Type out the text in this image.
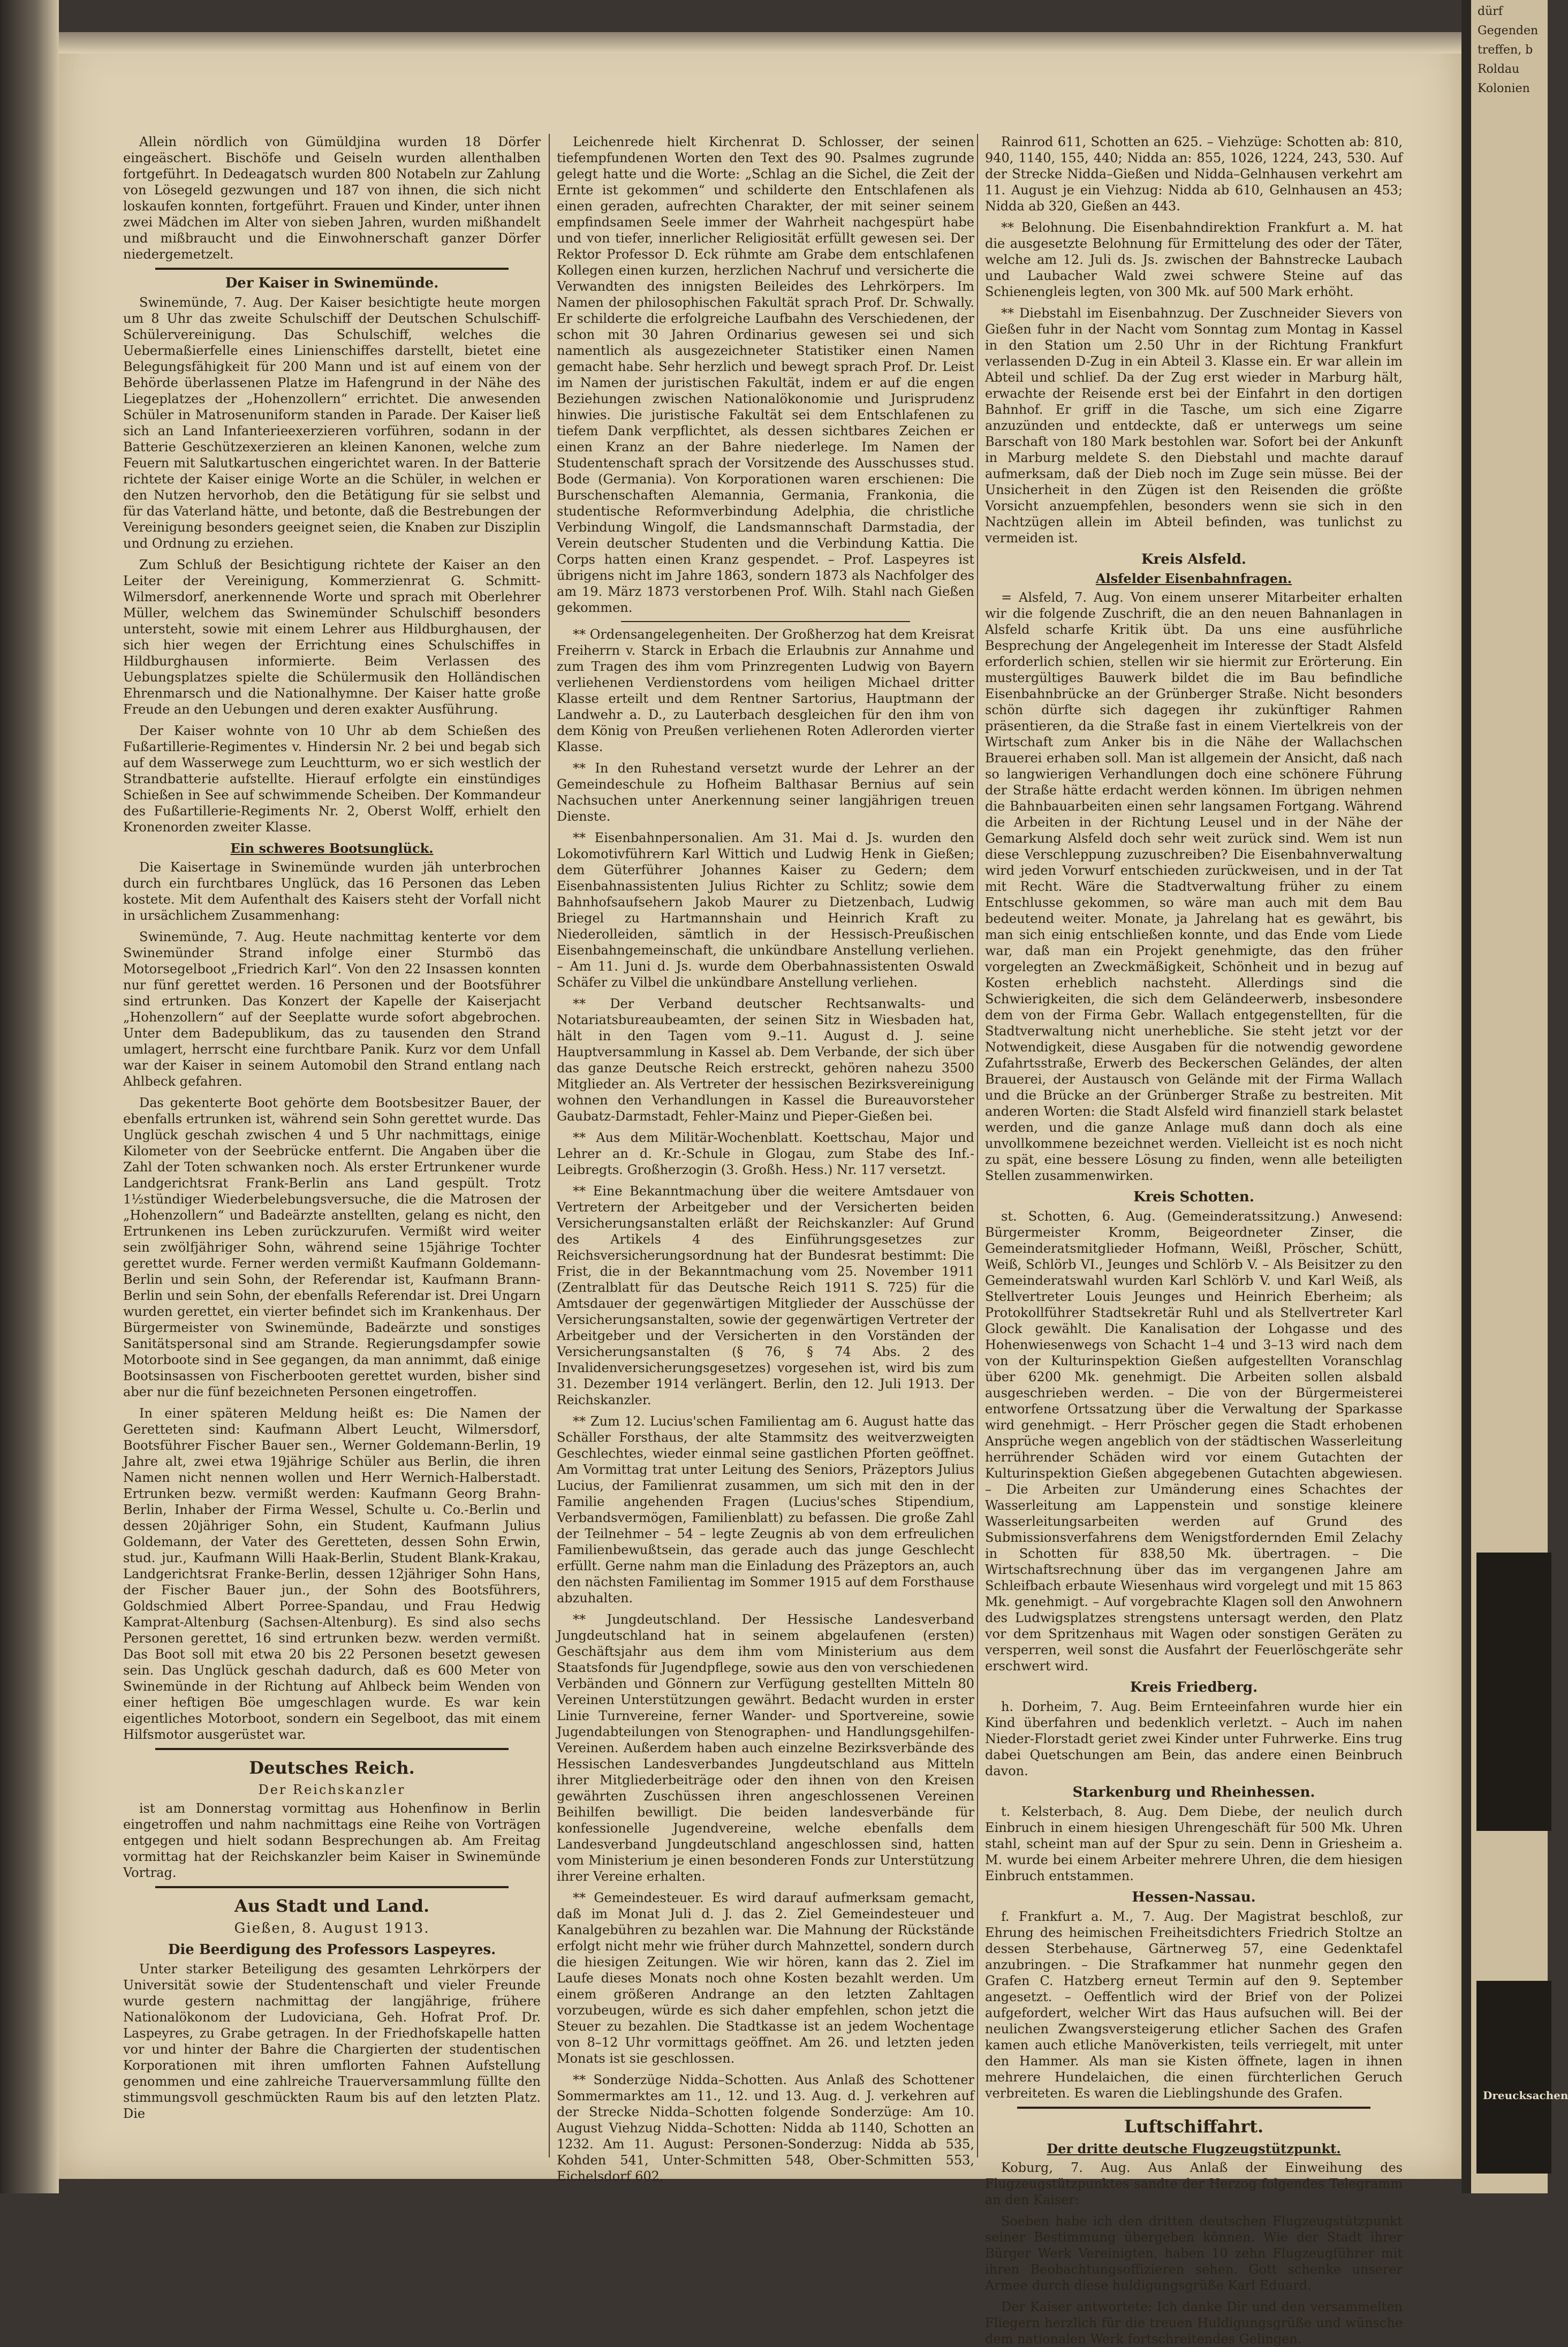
dürf
Gegenden
treffen, b
Roldau
Kolonien
Dreucksachen

Allein nördlich von Gümüldjina wurden 18 Dörfer eingeäschert. Bischöfe und Geiseln wurden allenthalben fortgeführt. In Dedeagatsch wurden 800 Notabeln zur Zahlung von Lösegeld gezwungen und 187 von ihnen, die sich nicht loskaufen konnten, fortgeführt. Frauen und Kinder, unter ihnen zwei Mädchen im Alter von sieben Jahren, wurden mißhandelt und mißbraucht und die Einwohnerschaft ganzer Dörfer niedergemetzelt.

Der Kaiser in Swinemünde.

Swinemünde, 7. Aug. Der Kaiser besichtigte heute morgen um 8 Uhr das zweite Schulschiff der Deutschen Schulschiff-Schülervereinigung. Das Schulschiff, welches die Uebermaßierfelle eines Linienschiffes darstellt, bietet eine Belegungsfähigkeit für 200 Mann und ist auf einem von der Behörde überlassenen Platze im Hafengrund in der Nähe des Liegeplatzes der „Hohenzollern“ errichtet. Die anwesenden Schüler in Matrosenuniform standen in Parade. Der Kaiser ließ sich an Land Infanterieexerzieren vorführen, sodann in der Batterie Geschützexerzieren an kleinen Kanonen, welche zum Feuern mit Salutkartuschen eingerichtet waren. In der Batterie richtete der Kaiser einige Worte an die Schüler, in welchen er den Nutzen hervorhob, den die Betätigung für sie selbst und für das Vaterland hätte, und betonte, daß die Bestrebungen der Vereinigung besonders geeignet seien, die Knaben zur Disziplin und Ordnung zu erziehen.

Zum Schluß der Besichtigung richtete der Kaiser an den Leiter der Vereinigung, Kommerzienrat G. Schmitt-Wilmersdorf, anerkennende Worte und sprach mit Oberlehrer Müller, welchem das Swinemünder Schulschiff besonders untersteht, sowie mit einem Lehrer aus Hildburghausen, der sich hier wegen der Errichtung eines Schulschiffes in Hildburghausen informierte. Beim Verlassen des Uebungsplatzes spielte die Schülermusik den Holländischen Ehrenmarsch und die Nationalhymne. Der Kaiser hatte große Freude an den Uebungen und deren exakter Ausführung.

Der Kaiser wohnte von 10 Uhr ab dem Schießen des Fußartillerie-Regimentes v. Hindersin Nr. 2 bei und begab sich auf dem Wasserwege zum Leuchtturm, wo er sich westlich der Strandbatterie aufstellte. Hierauf erfolgte ein einstündiges Schießen in See auf schwimmende Scheiben. Der Kommandeur des Fußartillerie-Regiments Nr. 2, Oberst Wolff, erhielt den Kronenorden zweiter Klasse.

Ein schweres Bootsunglück.

Die Kaisertage in Swinemünde wurden jäh unterbrochen durch ein furchtbares Unglück, das 16 Personen das Leben kostete. Mit dem Aufenthalt des Kaisers steht der Vorfall nicht in ursächlichem Zusammenhang:

Swinemünde, 7. Aug. Heute nachmittag kenterte vor dem Swinemünder Strand infolge einer Sturmbö das Motorsegelboot „Friedrich Karl“. Von den 22 Insassen konnten nur fünf gerettet werden. 16 Personen und der Bootsführer sind ertrunken. Das Konzert der Kapelle der Kaiserjacht „Hohenzollern“ auf der Seeplatte wurde sofort abgebrochen. Unter dem Badepublikum, das zu tausenden den Strand umlagert, herrscht eine furchtbare Panik. Kurz vor dem Unfall war der Kaiser in seinem Automobil den Strand entlang nach Ahlbeck gefahren.

Das gekenterte Boot gehörte dem Bootsbesitzer Bauer, der ebenfalls ertrunken ist, während sein Sohn gerettet wurde. Das Unglück geschah zwischen 4 und 5 Uhr nachmittags, einige Kilometer von der Seebrücke entfernt. Die Angaben über die Zahl der Toten schwanken noch. Als erster Ertrunkener wurde Landgerichtsrat Frank-Berlin ans Land gespült. Trotz 1½stündiger Wiederbelebungsversuche, die die Matrosen der „Hohenzollern“ und Badeärzte anstellten, gelang es nicht, den Ertrunkenen ins Leben zurückzurufen. Vermißt wird weiter sein zwölfjähriger Sohn, während seine 15jährige Tochter gerettet wurde. Ferner werden vermißt Kaufmann Goldemann-Berlin und sein Sohn, der Referendar ist, Kaufmann Brann-Berlin und sein Sohn, der ebenfalls Referendar ist. Drei Ungarn wurden gerettet, ein vierter befindet sich im Krankenhaus. Der Bürgermeister von Swinemünde, Badeärzte und sonstiges Sanitätspersonal sind am Strande. Regierungsdampfer sowie Motorboote sind in See gegangen, da man annimmt, daß einige Bootsinsassen von Fischerbooten gerettet wurden, bisher sind aber nur die fünf bezeichneten Personen eingetroffen.

In einer späteren Meldung heißt es: Die Namen der Geretteten sind: Kaufmann Albert Leucht, Wilmersdorf, Bootsführer Fischer Bauer sen., Werner Goldemann-Berlin, 19 Jahre alt, zwei etwa 19jährige Schüler aus Berlin, die ihren Namen nicht nennen wollen und Herr Wernich-Halberstadt. Ertrunken bezw. vermißt werden: Kaufmann Georg Brahn-Berlin, Inhaber der Firma Wessel, Schulte u. Co.-Berlin und dessen 20jähriger Sohn, ein Student, Kaufmann Julius Goldemann, der Vater des Geretteten, dessen Sohn Erwin, stud. jur., Kaufmann Willi Haak-Berlin, Student Blank-Krakau, Landgerichtsrat Franke-Berlin, dessen 12jähriger Sohn Hans, der Fischer Bauer jun., der Sohn des Bootsführers, Goldschmied Albert Porree-Spandau, und Frau Hedwig Kamprat-Altenburg (Sachsen-Altenburg). Es sind also sechs Personen gerettet, 16 sind ertrunken bezw. werden vermißt. Das Boot soll mit etwa 20 bis 22 Personen besetzt gewesen sein. Das Unglück geschah dadurch, daß es 600 Meter von Swinemünde in der Richtung auf Ahlbeck beim Wenden von einer heftigen Böe umgeschlagen wurde. Es war kein eigentliches Motorboot, sondern ein Segelboot, das mit einem Hilfsmotor ausgerüstet war.

Deutsches Reich.
Der Reichskanzler

ist am Donnerstag vormittag aus Hohenfinow in Berlin eingetroffen und nahm nachmittags eine Reihe von Vorträgen entgegen und hielt sodann Besprechungen ab. Am Freitag vormittag hat der Reichskanzler beim Kaiser in Swinemünde Vortrag.

Aus Stadt und Land.
Gießen, 8. August 1913.
Die Beerdigung des Professors Laspeyres.

Unter starker Beteiligung des gesamten Lehrkörpers der Universität sowie der Studentenschaft und vieler Freunde wurde gestern nachmittag der langjährige, frühere Nationalökonom der Ludoviciana, Geh. Hofrat Prof. Dr. Laspeyres, zu Grabe getragen. In der Friedhofskapelle hatten vor und hinter der Bahre die Chargierten der studentischen Korporationen mit ihren umflorten Fahnen Aufstellung genommen und eine zahlreiche Trauerversammlung füllte den stimmungsvoll geschmückten Raum bis auf den letzten Platz. Die

Leichenrede hielt Kirchenrat D. Schlosser, der seinen tiefempfundenen Worten den Text des 90. Psalmes zugrunde gelegt hatte und die Worte: „Schlag an die Sichel, die Zeit der Ernte ist gekommen“ und schilderte den Entschlafenen als einen geraden, aufrechten Charakter, der mit seiner seinem empfindsamen Seele immer der Wahrheit nachgespürt habe und von tiefer, innerlicher Religiosität erfüllt gewesen sei. Der Rektor Professor D. Eck rühmte am Grabe dem entschlafenen Kollegen einen kurzen, herzlichen Nachruf und versicherte die Verwandten des innigsten Beileides des Lehrkörpers. Im Namen der philosophischen Fakultät sprach Prof. Dr. Schwally. Er schilderte die erfolgreiche Laufbahn des Verschiedenen, der schon mit 30 Jahren Ordinarius gewesen sei und sich namentlich als ausgezeichneter Statistiker einen Namen gemacht habe. Sehr herzlich und bewegt sprach Prof. Dr. Leist im Namen der juristischen Fakultät, indem er auf die engen Beziehungen zwischen Nationalökonomie und Jurisprudenz hinwies. Die juristische Fakultät sei dem Entschlafenen zu tiefem Dank verpflichtet, als dessen sichtbares Zeichen er einen Kranz an der Bahre niederlege. Im Namen der Studentenschaft sprach der Vorsitzende des Ausschusses stud. Bode (Germania). Von Korporationen waren erschienen: Die Burschenschaften Alemannia, Germania, Frankonia, die studentische Reformverbindung Adelphia, die christliche Verbindung Wingolf, die Landsmannschaft Darmstadia, der Verein deutscher Studenten und die Verbindung Kattia. Die Corps hatten einen Kranz gespendet. – Prof. Laspeyres ist übrigens nicht im Jahre 1863, sondern 1873 als Nachfolger des am 19. März 1873 verstorbenen Prof. Wilh. Stahl nach Gießen gekommen.

** Ordensangelegenheiten. Der Großherzog hat dem Kreisrat Freiherrn v. Starck in Erbach die Erlaubnis zur Annahme und zum Tragen des ihm vom Prinzregenten Ludwig von Bayern verliehenen Verdienstordens vom heiligen Michael dritter Klasse erteilt und dem Rentner Sartorius, Hauptmann der Landwehr a. D., zu Lauterbach desgleichen für den ihm von dem König von Preußen verliehenen Roten Adlerorden vierter Klasse.

** In den Ruhestand versetzt wurde der Lehrer an der Gemeindeschule zu Hofheim Balthasar Bernius auf sein Nachsuchen unter Anerkennung seiner langjährigen treuen Dienste.

** Eisenbahnpersonalien. Am 31. Mai d. Js. wurden den Lokomotivführern Karl Wittich und Ludwig Henk in Gießen; dem Güterführer Johannes Kaiser zu Gedern; dem Eisenbahnassistenten Julius Richter zu Schlitz; sowie dem Bahnhofsaufsehern Jakob Maurer zu Dietzenbach, Ludwig Briegel zu Hartmannshain und Heinrich Kraft zu Niederolleiden, sämtlich in der Hessisch-Preußischen Eisenbahngemeinschaft, die unkündbare Anstellung verliehen. – Am 11. Juni d. Js. wurde dem Oberbahnassistenten Oswald Schäfer zu Vilbel die unkündbare Anstellung verliehen.

** Der Verband deutscher Rechtsanwalts- und Notariatsbureaubeamten, der seinen Sitz in Wiesbaden hat, hält in den Tagen vom 9.–11. August d. J. seine Hauptversammlung in Kassel ab. Dem Verbande, der sich über das ganze Deutsche Reich erstreckt, gehören nahezu 3500 Mitglieder an. Als Vertreter der hessischen Bezirksvereinigung wohnen den Verhandlungen in Kassel die Bureauvorsteher Gaubatz-Darmstadt, Fehler-Mainz und Pieper-Gießen bei.

** Aus dem Militär-Wochenblatt. Koettschau, Major und Lehrer an d. Kr.-Schule in Glogau, zum Stabe des Inf.-Leibregts. Großherzogin (3. Großh. Hess.) Nr. 117 versetzt.

** Eine Bekanntmachung über die weitere Amtsdauer von Vertretern der Arbeitgeber und der Versicherten beiden Versicherungsanstalten erläßt der Reichskanzler: Auf Grund des Artikels 4 des Einführungsgesetzes zur Reichsversicherungsordnung hat der Bundesrat bestimmt: Die Frist, die in der Bekanntmachung vom 25. November 1911 (Zentralblatt für das Deutsche Reich 1911 S. 725) für die Amtsdauer der gegenwärtigen Mitglieder der Ausschüsse der Versicherungsanstalten, sowie der gegenwärtigen Vertreter der Arbeitgeber und der Versicherten in den Vorständen der Versicherungsanstalten (§ 76, § 74 Abs. 2 des Invalidenversicherungsgesetzes) vorgesehen ist, wird bis zum 31. Dezember 1914 verlängert. Berlin, den 12. Juli 1913. Der Reichskanzler.

** Zum 12. Lucius'schen Familientag am 6. August hatte das Schäller Forsthaus, der alte Stammsitz des weitverzweigten Geschlechtes, wieder einmal seine gastlichen Pforten geöffnet. Am Vormittag trat unter Leitung des Seniors, Präzeptors Julius Lucius, der Familienrat zusammen, um sich mit den in der Familie angehenden Fragen (Lucius'sches Stipendium, Verbandsvermögen, Familienblatt) zu befassen. Die große Zahl der Teilnehmer – 54 – legte Zeugnis ab von dem erfreulichen Familienbewußtsein, das gerade auch das junge Geschlecht erfüllt. Gerne nahm man die Einladung des Präzeptors an, auch den nächsten Familientag im Sommer 1915 auf dem Forsthause abzuhalten.

** Jungdeutschland. Der Hessische Landesverband Jungdeutschland hat in seinem abgelaufenen (ersten) Geschäftsjahr aus dem ihm vom Ministerium aus dem Staatsfonds für Jugendpflege, sowie aus den von verschiedenen Verbänden und Gönnern zur Verfügung gestellten Mitteln 80 Vereinen Unterstützungen gewährt. Bedacht wurden in erster Linie Turnvereine, ferner Wander- und Sportvereine, sowie Jugendabteilungen von Stenographen- und Handlungsgehilfen-Vereinen. Außerdem haben auch einzelne Bezirksverbände des Hessischen Landesverbandes Jungdeutschland aus Mitteln ihrer Mitgliederbeiträge oder den ihnen von den Kreisen gewährten Zuschüssen ihren angeschlossenen Vereinen Beihilfen bewilligt. Die beiden landesverbände für konfessionelle Jugendvereine, welche ebenfalls dem Landesverband Jungdeutschland angeschlossen sind, hatten vom Ministerium je einen besonderen Fonds zur Unterstützung ihrer Vereine erhalten.

** Gemeindesteuer. Es wird darauf aufmerksam gemacht, daß im Monat Juli d. J. das 2. Ziel Gemeindesteuer und Kanalgebühren zu bezahlen war. Die Mahnung der Rückstände erfolgt nicht mehr wie früher durch Mahnzettel, sondern durch die hiesigen Zeitungen. Wie wir hören, kann das 2. Ziel im Laufe dieses Monats noch ohne Kosten bezahlt werden. Um einem größeren Andrange an den letzten Zahltagen vorzubeugen, würde es sich daher empfehlen, schon jetzt die Steuer zu bezahlen. Die Stadtkasse ist an jedem Wochentage von 8–12 Uhr vormittags geöffnet. Am 26. und letzten jeden Monats ist sie geschlossen.

** Sonderzüge Nidda–Schotten. Aus Anlaß des Schottener Sommermarktes am 11., 12. und 13. Aug. d. J. verkehren auf der Strecke Nidda–Schotten folgende Sonderzüge: Am 10. August Viehzug Nidda–Schotten: Nidda ab 1140, Schotten an 1232. Am 11. August: Personen-Sonderzug: Nidda ab 535, Kohden 541, Unter-Schmitten 548, Ober-Schmitten 553, Eichelsdorf 602,

Rainrod 611, Schotten an 625. – Viehzüge: Schotten ab: 810, 940, 1140, 155, 440; Nidda an: 855, 1026, 1224, 243, 530. Auf der Strecke Nidda–Gießen und Nidda–Gelnhausen verkehrt am 11. August je ein Viehzug: Nidda ab 610, Gelnhausen an 453; Nidda ab 320, Gießen an 443.

** Belohnung. Die Eisenbahndirektion Frankfurt a. M. hat die ausgesetzte Belohnung für Ermittelung des oder der Täter, welche am 12. Juli ds. Js. zwischen der Bahnstrecke Laubach und Laubacher Wald zwei schwere Steine auf das Schienengleis legten, von 300 Mk. auf 500 Mark erhöht.

** Diebstahl im Eisenbahnzug. Der Zuschneider Sievers von Gießen fuhr in der Nacht vom Sonntag zum Montag in Kassel in den Station um 2.50 Uhr in der Richtung Frankfurt verlassenden D-Zug in ein Abteil 3. Klasse ein. Er war allein im Abteil und schlief. Da der Zug erst wieder in Marburg hält, erwachte der Reisende erst bei der Einfahrt in den dortigen Bahnhof. Er griff in die Tasche, um sich eine Zigarre anzuzünden und entdeckte, daß er unterwegs um seine Barschaft von 180 Mark bestohlen war. Sofort bei der Ankunft in Marburg meldete S. den Diebstahl und machte darauf aufmerksam, daß der Dieb noch im Zuge sein müsse. Bei der Unsicherheit in den Zügen ist den Reisenden die größte Vorsicht anzuempfehlen, besonders wenn sie sich in den Nachtzügen allein im Abteil befinden, was tunlichst zu vermeiden ist.

Kreis Alsfeld.
Alsfelder Eisenbahnfragen.

= Alsfeld, 7. Aug. Von einem unserer Mitarbeiter erhalten wir die folgende Zuschrift, die an den neuen Bahnanlagen in Alsfeld scharfe Kritik übt. Da uns eine ausführliche Besprechung der Angelegenheit im Interesse der Stadt Alsfeld erforderlich schien, stellen wir sie hiermit zur Erörterung. Ein mustergültiges Bauwerk bildet die im Bau befindliche Eisenbahnbrücke an der Grünberger Straße. Nicht besonders schön dürfte sich dagegen ihr zukünftiger Rahmen präsentieren, da die Straße fast in einem Viertelkreis von der Wirtschaft zum Anker bis in die Nähe der Wallachschen Brauerei erhaben soll. Man ist allgemein der Ansicht, daß nach so langwierigen Verhandlungen doch eine schönere Führung der Straße hätte erdacht werden können. Im übrigen nehmen die Bahnbauarbeiten einen sehr langsamen Fortgang. Während die Arbeiten in der Richtung Leusel und in der Nähe der Gemarkung Alsfeld doch sehr weit zurück sind. Wem ist nun diese Verschleppung zuzuschreiben? Die Eisenbahnverwaltung wird jeden Vorwurf entschieden zurückweisen, und in der Tat mit Recht. Wäre die Stadtverwaltung früher zu einem Entschlusse gekommen, so wäre man auch mit dem Bau bedeutend weiter. Monate, ja Jahrelang hat es gewährt, bis man sich einig entschließen konnte, und das Ende vom Liede war, daß man ein Projekt genehmigte, das den früher vorgelegten an Zweckmäßigkeit, Schönheit und in bezug auf Kosten erheblich nachsteht. Allerdings sind die Schwierigkeiten, die sich dem Geländeerwerb, insbesondere dem von der Firma Gebr. Wallach entgegenstellten, für die Stadtverwaltung nicht unerhebliche. Sie steht jetzt vor der Notwendigkeit, diese Ausgaben für die notwendig gewordene Zufahrtsstraße, Erwerb des Beckerschen Geländes, der alten Brauerei, der Austausch von Gelände mit der Firma Wallach und die Brücke an der Grünberger Straße zu bestreiten. Mit anderen Worten: die Stadt Alsfeld wird finanziell stark belastet werden, und die ganze Anlage muß dann doch als eine unvollkommene bezeichnet werden. Vielleicht ist es noch nicht zu spät, eine bessere Lösung zu finden, wenn alle beteiligten Stellen zusammenwirken.

Kreis Schotten.

st. Schotten, 6. Aug. (Gemeinderatssitzung.) Anwesend: Bürgermeister Kromm, Beigeordneter Zinser, die Gemeinderatsmitglieder Hofmann, Weißl, Pröscher, Schütt, Weiß, Schlörb VI., Jeunges und Schlörb V. – Als Beisitzer zu den Gemeinderatswahl wurden Karl Schlörb V. und Karl Weiß, als Stellvertreter Louis Jeunges und Heinrich Eberheim; als Protokollführer Stadtsekretär Ruhl und als Stellvertreter Karl Glock gewählt. Die Kanalisation der Lohgasse und des Hohenwiesenwegs von Schacht 1–4 und 3–13 wird nach dem von der Kulturinspektion Gießen aufgestellten Voranschlag über 6200 Mk. genehmigt. Die Arbeiten sollen alsbald ausgeschrieben werden. – Die von der Bürgermeisterei entworfene Ortssatzung über die Verwaltung der Sparkasse wird genehmigt. – Herr Pröscher gegen die Stadt erhobenen Ansprüche wegen angeblich von der städtischen Wasserleitung herrührender Schäden wird vor einem Gutachten der Kulturinspektion Gießen abgegebenen Gutachten abgewiesen. – Die Arbeiten zur Umänderung eines Schachtes der Wasserleitung am Lappenstein und sonstige kleinere Wasserleitungsarbeiten werden auf Grund des Submissionsverfahrens dem Wenigstfordernden Emil Zelachy in Schotten für 838,50 Mk. übertragen. – Die Wirtschaftsrechnung über das im vergangenen Jahre am Schleifbach erbaute Wiesenhaus wird vorgelegt und mit 15 863 Mk. genehmigt. – Auf vorgebrachte Klagen soll den Anwohnern des Ludwigsplatzes strengstens untersagt werden, den Platz vor dem Spritzenhaus mit Wagen oder sonstigen Geräten zu versperren, weil sonst die Ausfahrt der Feuerlöschgeräte sehr erschwert wird.

Kreis Friedberg.

h. Dorheim, 7. Aug. Beim Ernteeinfahren wurde hier ein Kind überfahren und bedenklich verletzt. – Auch im nahen Nieder-Florstadt geriet zwei Kinder unter Fuhrwerke. Eins trug dabei Quetschungen am Bein, das andere einen Beinbruch davon.

Starkenburg und Rheinhessen.

t. Kelsterbach, 8. Aug. Dem Diebe, der neulich durch Einbruch in einem hiesigen Uhrengeschäft für 500 Mk. Uhren stahl, scheint man auf der Spur zu sein. Denn in Griesheim a. M. wurde bei einem Arbeiter mehrere Uhren, die dem hiesigen Einbruch entstammen.

Hessen-Nassau.

f. Frankfurt a. M., 7. Aug. Der Magistrat beschloß, zur Ehrung des heimischen Freiheitsdichters Friedrich Stoltze an dessen Sterbehause, Gärtnerweg 57, eine Gedenktafel anzubringen. – Die Strafkammer hat nunmehr gegen den Grafen C. Hatzberg erneut Termin auf den 9. September angesetzt. – Oeffentlich wird der Brief von der Polizei aufgefordert, welcher Wirt das Haus aufsuchen will. Bei der neulichen Zwangsversteigerung etlicher Sachen des Grafen kamen auch etliche Manöverkisten, teils verriegelt, mit unter den Hammer. Als man sie Kisten öffnete, lagen in ihnen mehrere Hundelaichen, die einen fürchterlichen Geruch verbreiteten. Es waren die Lieblingshunde des Grafen.

Luftschiffahrt.
Der dritte deutsche Flugzeugstützpunkt.

Koburg, 7. Aug. Aus Anlaß der Einweihung des Flugzeugstützpunktes sandte der Herzog folgendes Telegramm an den Kaiser:

Soeben habe ich den dritten deutschen Flugzeugstützpunkt seiner Bestimmung übergeben können. Wie der Stadt ihrer Bürger Werk Vereinigten, haben 10 zehn Flugzeugführer mit ihren Beobachtungsoffizieren sehen. Gott schenke unserer Armee durch diese huldigungsgrüße Karl Eduard.

Der Kaiser antwortete: Ich danke Dir und den versammelten Fliegern herzlich für die treuen Huldigungsgrüße und wünsche dem nationalen Werk fortschreitendes Gelingen.
